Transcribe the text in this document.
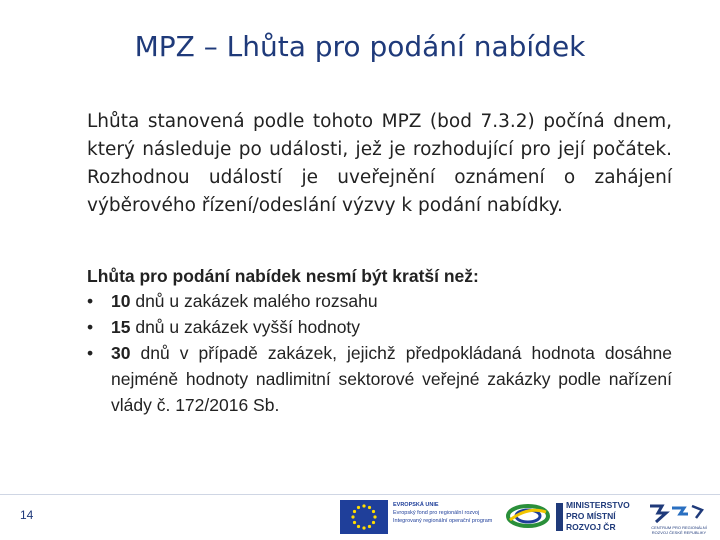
MPZ – Lhůta pro podání nabídek
Lhůta stanovená podle tohoto MPZ (bod 7.3.2) počíná dnem, který následuje po události, jež je rozhodující pro její počátek. Rozhodnou událostí je uveřejnění oznámení o zahájení výběrového řízení/odeslání výzvy k podání nabídky.
Lhůta pro podání nabídek nesmí být kratší než:
• 10 dnů u zakázek malého rozsahu
• 15 dnů u zakázek vyšší hodnoty
• 30 dnů v případě zakázek, jejichž předpokládaná hodnota dosáhne nejméně hodnoty nadlimitní sektorové veřejné zakázky podle nařízení vlády č. 172/2016 Sb.
14
EVROPSKÁ UNIE
Evropský fond pro regionální rozvoj
Integrovaný regionální operační program
MINISTERSTVO
PRO MÍSTNÍ
ROZVOJ ČR	CENTRUM PRO REGIONÁLNÍ ROZVOJ ČESKÉ REPUBLIKY
